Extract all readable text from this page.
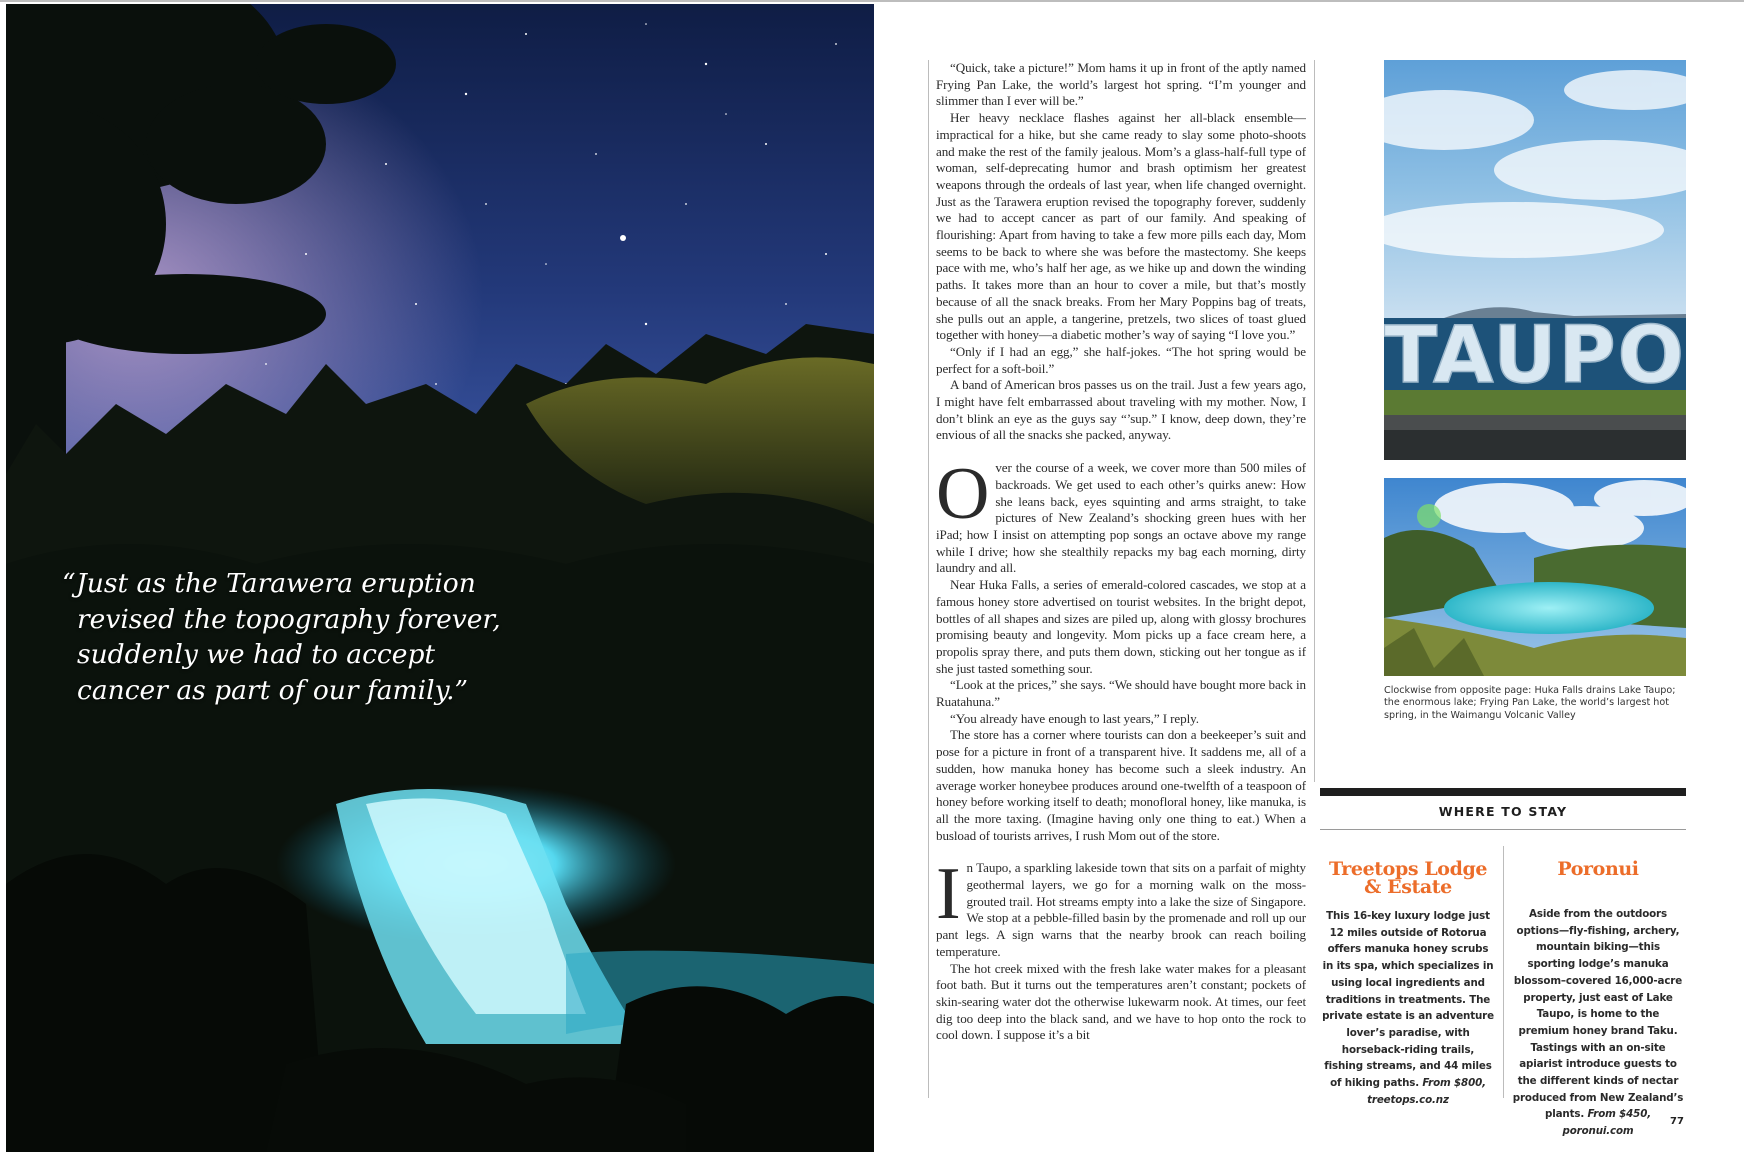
“Just as the Tarawera eruption
revised the topography forever,
suddenly we had to accept
cancer as part of our family.”

“Quick, take a picture!” Mom hams it up in front of the aptly named Frying Pan Lake, the world’s largest hot spring. “I’m younger and slimmer than I ever will be.”

Her heavy necklace flashes against her all-black ensemble—impractical for a hike, but she came ready to slay some photo-shoots and make the rest of the family jealous. Mom’s a glass-half-full type of woman, self-deprecating humor and brash optimism her greatest weapons through the ordeals of last year, when life changed overnight. Just as the Tarawera eruption revised the topography forever, suddenly we had to accept cancer as part of our family. And speaking of flourishing: Apart from having to take a few more pills each day, Mom seems to be back to where she was before the mastectomy. She keeps pace with me, who’s half her age, as we hike up and down the winding paths. It takes more than an hour to cover a mile, but that’s mostly because of all the snack breaks. From her Mary Poppins bag of treats, she pulls out an apple, a tangerine, pretzels, two slices of toast glued together with honey—a diabetic mother’s way of saying “I love you.”

“Only if I had an egg,” she half-jokes. “The hot spring would be perfect for a soft-boil.”

A band of American bros passes us on the trail. Just a few years ago, I might have felt embarrassed about traveling with my mother. Now, I don’t blink an eye as the guys say “’sup.” I know, deep down, they’re envious of all the snacks she packed, anyway.

Over the course of a week, we cover more than 500 miles of backroads. We get used to each other’s quirks anew: How she leans back, eyes squinting and arms straight, to take pictures of New Zealand’s shocking green hues with her iPad; how I insist on attempting pop songs an octave above my range while I drive; how she stealthily repacks my bag each morning, dirty laundry and all.

Near Huka Falls, a series of emerald-colored cascades, we stop at a famous honey store advertised on tourist websites. In the bright depot, bottles of all shapes and sizes are piled up, along with glossy brochures promising beauty and longevity. Mom picks up a face cream here, a propolis spray there, and puts them down, sticking out her tongue as if she just tasted something sour.

“Look at the prices,” she says. “We should have bought more back in Ruatahuna.”

“You already have enough to last years,” I reply.

The store has a corner where tourists can don a beekeeper’s suit and pose for a picture in front of a transparent hive. It saddens me, all of a sudden, how manuka honey has become such a sleek industry. An average worker honeybee produces around one-twelfth of a teaspoon of honey before working itself to death; monofloral honey, like manuka, is all the more taxing. (Imagine having only one thing to eat.) When a busload of tourists arrives, I rush Mom out of the store.

In Taupo, a sparkling lakeside town that sits on a parfait of mighty geothermal layers, we go for a morning walk on the moss-grouted trail. Hot streams empty into a lake the size of Singapore. We stop at a pebble-filled basin by the promenade and roll up our pant legs. A sign warns that the nearby brook can reach boiling temperature.

The hot creek mixed with the fresh lake water makes for a pleasant foot bath. But it turns out the temperatures aren’t constant; pockets of skin-searing water dot the otherwise lukewarm nook. At times, our feet dig too deep into the black sand, and we have to hop onto the rock to cool down. I suppose it’s a bit

TAUPO
Clockwise from opposite page: Huka Falls drains Lake Taupo; the enormous lake; Frying Pan Lake, the world’s largest hot spring, in the Waimangu Volcanic Valley
WHERE TO STAY
Treetops Lodge
& Estate
This 16-key luxury lodge just 12 miles outside of Rotorua offers manuka honey scrubs in its spa, which specializes in using local ingredients and traditions in treatments. The private estate is an adventure lover’s paradise, with horseback-riding trails, fishing streams, and 44 miles of hiking paths. From $800, treetops.co.nz
Poronui
Aside from the outdoors options—fly-fishing, archery, mountain biking—this sporting lodge’s manuka blossom–covered 16,000-acre property, just east of Lake Taupo, is home to the premium honey brand Taku. Tastings with an on-site apiarist introduce guests to the different kinds of nectar produced from New Zealand’s plants. From $450, poronui.com
77
